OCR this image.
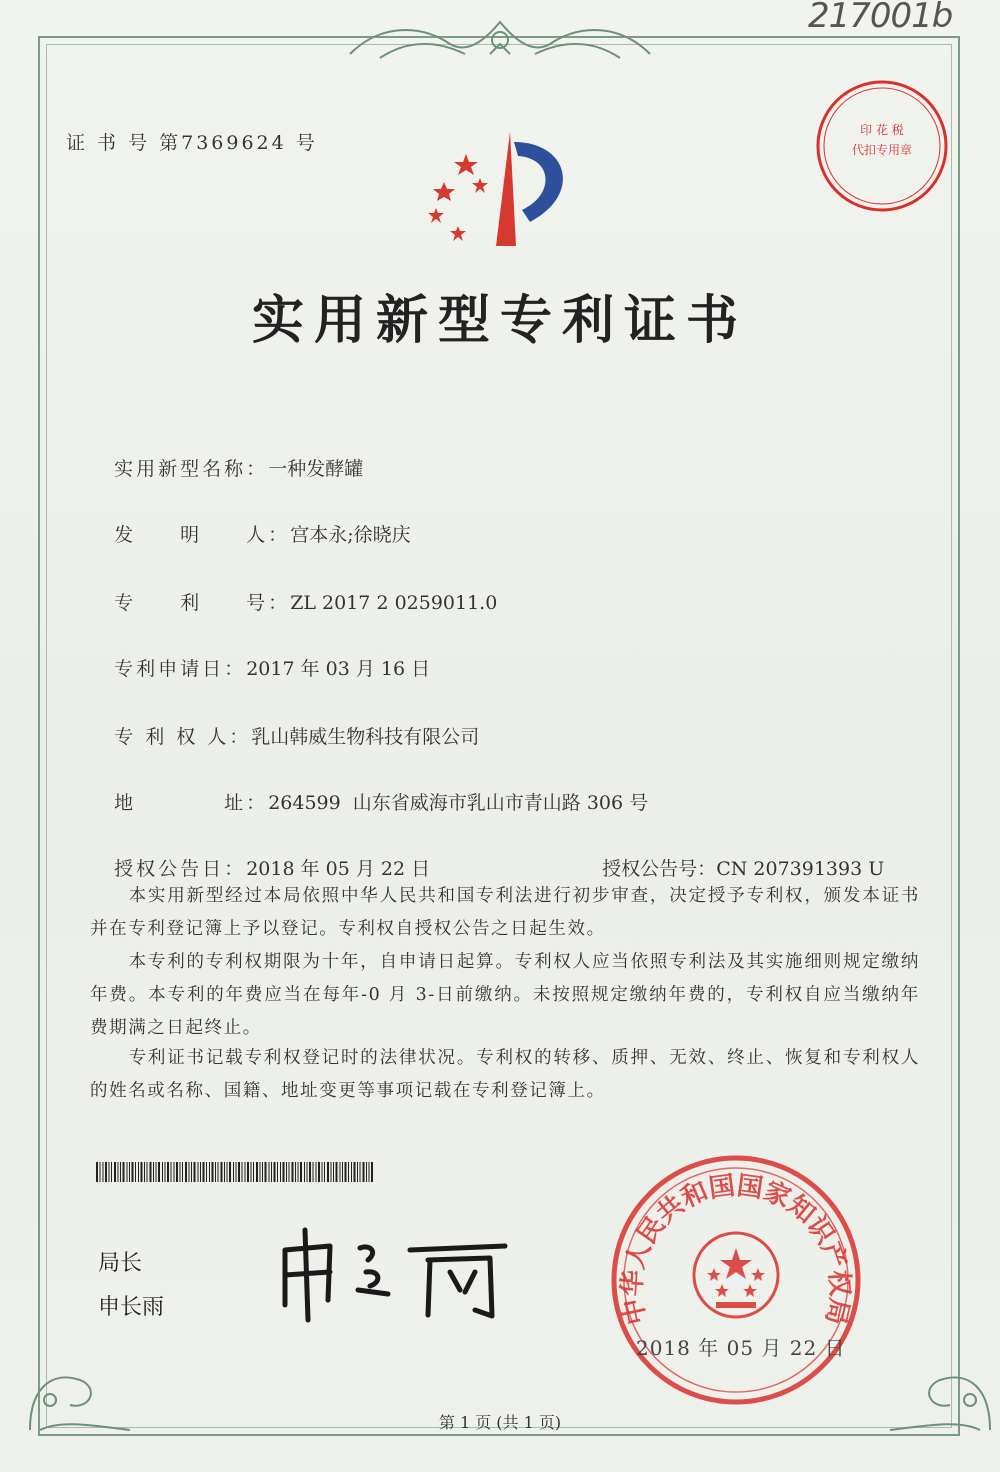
217001b
证 书 号 第7369624 号
印 花 税
代扣专用章
实用新型专利证书

实用新型名称：一种发酵罐

发　　明　　人：宫本永;徐晓庆

专　　利　　号：ZL 2017 2 0259011.0

专利申请日：2017 年 03 月 16 日

专 利 权 人：乳山韩威生物科技有限公司

地　　　　址：264599  山东省威海市乳山市青山路 306 号

授权公告日：2018 年 05 月 22 日
	授权公告号：CN 207391393 U

　　本实用新型经过本局依照中华人民共和国专利法进行初步审查，决定授予专利权，颁发本证书并在专利登记簿上予以登记。专利权自授权公告之日起生效。
　　本专利的专利权期限为十年，自申请日起算。专利权人应当依照专利法及其实施细则规定缴纳年费。本专利的年费应当在每年-0 月 3-日前缴纳。未按照规定缴纳年费的，专利权自应当缴纳年费期满之日起终止。
　　专利证书记载专利权登记时的法律状况。专利权的转移、质押、无效、终止、恢复和专利权人的姓名或名称、国籍、地址变更等事项记载在专利登记簿上。
局长
申长雨	中华人民共和国国家知识产权局
2018 年 05 月 22 日
第 1 页 (共 1 页)
